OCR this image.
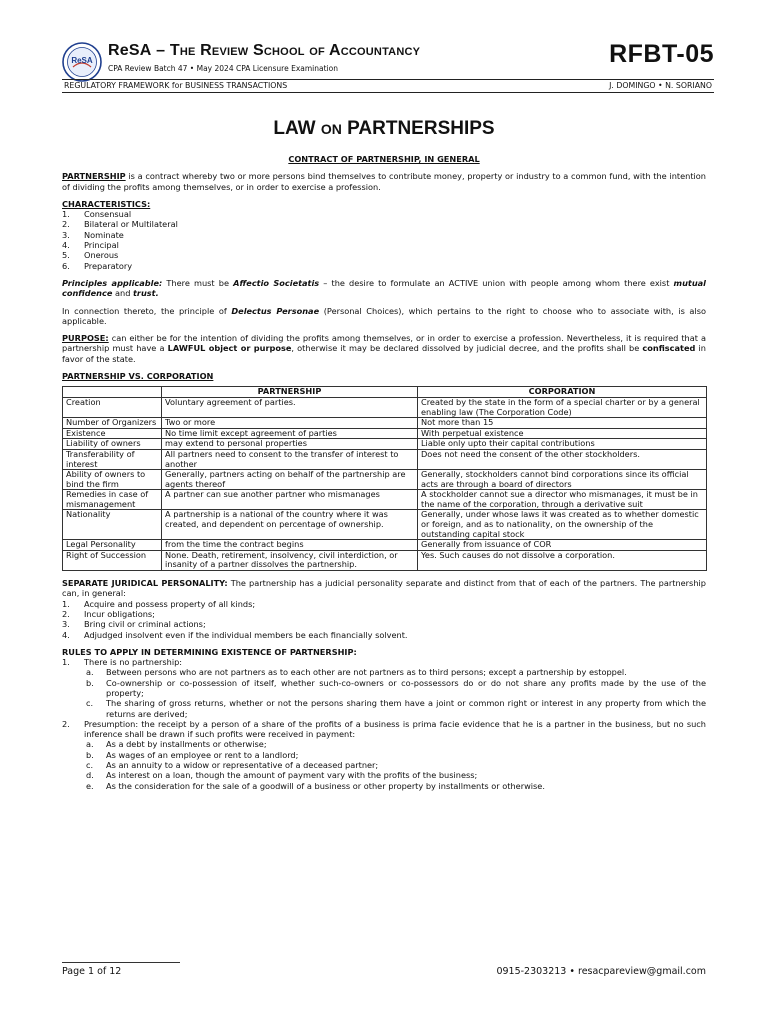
ReSA
ReSA – The Review School of Accountancy
CPA Review Batch 47 • May 2024 CPA Licensure Examination
RFBT-05
REGULATORY FRAMEWORK for BUSINESS TRANSACTIONS	J. DOMINGO • N. SORIANO
LAW ON PARTNERSHIPS
CONTRACT OF PARTNERSHIP, IN GENERAL

PARTNERSHIP is a contract whereby two or more persons bind themselves to contribute money, property or industry to a common fund, with the intention of dividing the profits among themselves, or in order to exercise a profession.

CHARACTERISTICS:
1. Consensual
2. Bilateral or Multilateral
3. Nominate
4. Principal
5. Onerous
6. Preparatory

Principles applicable: There must be Affectio Societatis – the desire to formulate an ACTIVE union with people among whom there exist mutual confidence and trust.

In connection thereto, the principle of Delectus Personae (Personal Choices), which pertains to the right to choose who to associate with, is also applicable.

PURPOSE: can either be for the intention of dividing the profits among themselves, or in order to exercise a profession. Nevertheless, it is required that a partnership must have a LAWFUL object or purpose, otherwise it may be declared dissolved by judicial decree, and the profits shall be confiscated in favor of the state.

PARTNERSHIP VS. CORPORATION
	PARTNERSHIP	CORPORATION
Creation	Voluntary agreement of parties.	Created by the state in the form of a special charter or by a general enabling law (The Corporation Code)
Number of Organizers	Two or more	Not more than 15
Existence	No time limit except agreement of parties	With perpetual existence
Liability of owners	may extend to personal properties	Liable only upto their capital contributions
Transferability of interest	All partners need to consent to the transfer of interest to another	Does not need the consent of the other stockholders.
Ability of owners to bind the firm	Generally, partners acting on behalf of the partnership are agents thereof	Generally, stockholders cannot bind corporations since its official acts are through a board of directors
Remedies in case of mismanagement	A partner can sue another partner who mismanages	A stockholder cannot sue a director who mismanages, it must be in the name of the corporation, through a derivative suit
Nationality	A partnership is a national of the country where it was created, and dependent on percentage of ownership.	Generally, under whose laws it was created as to whether domestic or foreign, and as to nationality, on the ownership of the outstanding capital stock
Legal Personality	from the time the contract begins	Generally from issuance of COR
Right of Succession	None. Death, retirement, insolvency, civil interdiction, or insanity of a partner dissolves the partnership.	Yes. Such causes do not dissolve a corporation.

SEPARATE JURIDICAL PERSONALITY: The partnership has a judicial personality separate and distinct from that of each of the partners. The partnership can, in general:

1. Acquire and possess property of all kinds;
2. Incur obligations;
3. Bring civil or criminal actions;
4. Adjudged insolvent even if the individual members be each financially solvent.
RULES TO APPLY IN DETERMINING EXISTENCE OF PARTNERSHIP:
1. There is no partnership:
a. Between persons who are not partners as to each other are not partners as to third persons; except a partnership by estoppel.
b. Co-ownership or co-possession of itself, whether such-co-owners or co-possessors do or do not share any profits made by the use of the property;
c. The sharing of gross returns, whether or not the persons sharing them have a joint or common right or interest in any property from which the returns are derived;
2. Presumption: the receipt by a person of a share of the profits of a business is prima facie evidence that he is a partner in the business, but no such inference shall be drawn if such profits were received in payment:
a. As a debt by installments or otherwise;
b. As wages of an employee or rent to a landlord;
c. As an annuity to a widow or representative of a deceased partner;
d. As interest on a loan, though the amount of payment vary with the profits of the business;
e. As the consideration for the sale of a goodwill of a business or other property by installments or otherwise.
Page 1 of 12	0915-2303213 • resacpareview@gmail.com
